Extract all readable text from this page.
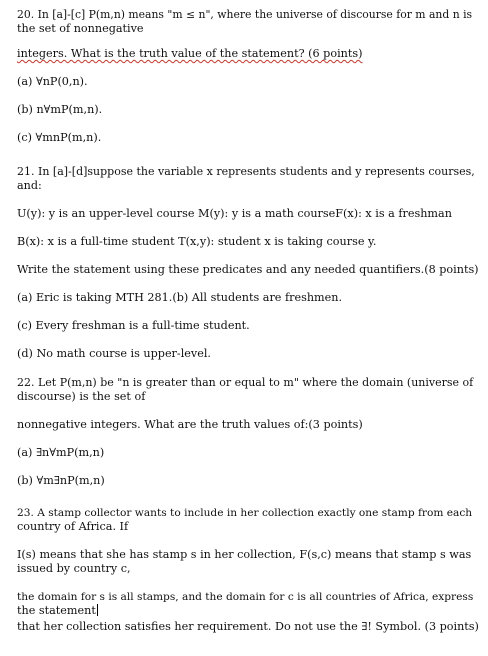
20. In [a]-[c] P(m,n) means "m ≤ n", where the universe of discourse for m and n is
the set of nonnegative
integers. What is the truth value of the statement? (6 points)
(a) ∀nP(0,n).
(b) n∀mP(m,n).
(c) ∀mnP(m,n).
21. In [a]-[d]suppose the variable x represents students and y represents courses,
and:
U(y): y is an upper-level course M(y): y is a math courseF(x): x is a freshman
B(x): x is a full-time student T(x,y): student x is taking course y.
Write the statement using these predicates and any needed quantifiers.(8 points)
(a) Eric is taking MTH 281.(b) All students are freshmen.
(c) Every freshman is a full-time student.
(d) No math course is upper-level.
22. Let P(m,n) be "n is greater than or equal to m" where the domain (universe of
discourse) is the set of
nonnegative integers. What are the truth values of:(3 points)
(a) ∃n∀mP(m,n)
(b) ∀m∃nP(m,n)
23. A stamp collector wants to include in her collection exactly one stamp from each
country of Africa. If
I(s) means that she has stamp s in her collection, F(s,c) means that stamp s was
issued by country c,
the domain for s is all stamps, and the domain for c is all countries of Africa, express
the statement
that her collection satisfies her requirement. Do not use the ∃! Symbol. (3 points)
